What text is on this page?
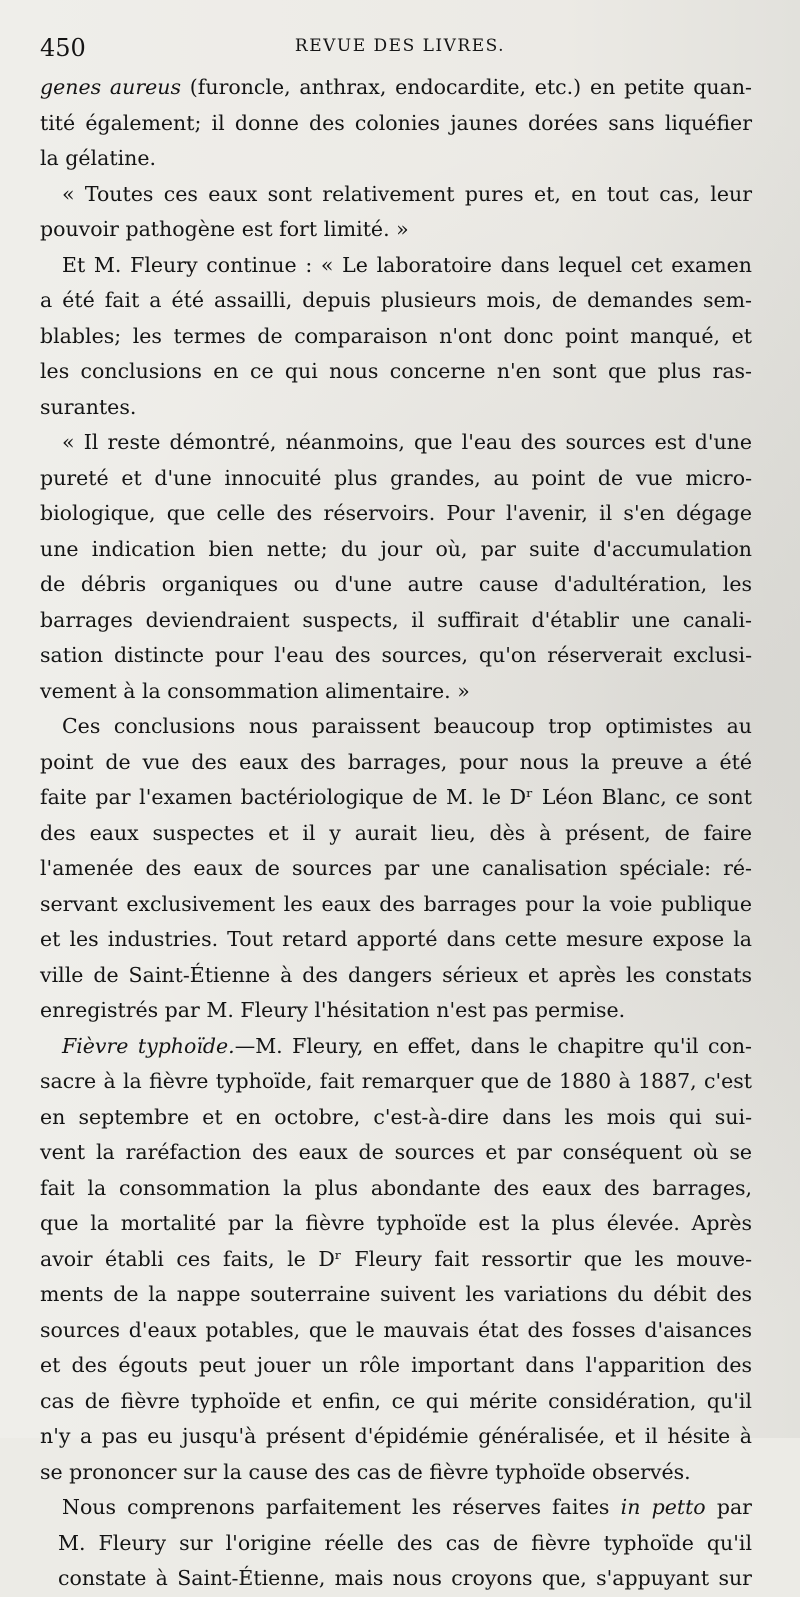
450	REVUE DES LIVRES.
genes aureus (furoncle, anthrax, endocardite, etc.) en petite quan-
tité également; il donne des colonies jaunes dorées sans liquéfier
la gélatine.
« Toutes ces eaux sont relativement pures et, en tout cas, leur
pouvoir pathogène est fort limité. »
Et M. Fleury continue : « Le laboratoire dans lequel cet examen
a été fait a été assailli, depuis plusieurs mois, de demandes sem-
blables; les termes de comparaison n'ont donc point manqué, et
les conclusions en ce qui nous concerne n'en sont que plus ras-
surantes.
« Il reste démontré, néanmoins, que l'eau des sources est d'une
pureté et d'une innocuité plus grandes, au point de vue micro-
biologique, que celle des réservoirs. Pour l'avenir, il s'en dégage
une indication bien nette; du jour où, par suite d'accumulation
de débris organiques ou d'une autre cause d'adultération, les
barrages deviendraient suspects, il suffirait d'établir une canali-
sation distincte pour l'eau des sources, qu'on réserverait exclusi-
vement à la consommation alimentaire. »
Ces conclusions nous paraissent beaucoup trop optimistes au
point de vue des eaux des barrages, pour nous la preuve a été
faite par l'examen bactériologique de M. le Dʳ Léon Blanc, ce sont
des eaux suspectes et il y aurait lieu, dès à présent, de faire
l'amenée des eaux de sources par une canalisation spéciale: ré-
servant exclusivement les eaux des barrages pour la voie publique
et les industries. Tout retard apporté dans cette mesure expose la
ville de Saint-Étienne à des dangers sérieux et après les constats
enregistrés par M. Fleury l'hésitation n'est pas permise.
Fièvre typhoïde.—M. Fleury, en effet, dans le chapitre qu'il con-
sacre à la fièvre typhoïde, fait remarquer que de 1880 à 1887, c'est
en septembre et en octobre, c'est-à-dire dans les mois qui sui-
vent la raréfaction des eaux de sources et par conséquent où se
fait la consommation la plus abondante des eaux des barrages,
que la mortalité par la fièvre typhoïde est la plus élevée. Après
avoir établi ces faits, le Dʳ Fleury fait ressortir que les mouve-
ments de la nappe souterraine suivent les variations du débit des
sources d'eaux potables, que le mauvais état des fosses d'aisances
et des égouts peut jouer un rôle important dans l'apparition des
cas de fièvre typhoïde et enfin, ce qui mérite considération, qu'il
n'y a pas eu jusqu'à présent d'épidémie généralisée, et il hésite à
se prononcer sur la cause des cas de fièvre typhoïde observés.
Nous comprenons parfaitement les réserves faites in petto par
M. Fleury sur l'origine réelle des cas de fièvre typhoïde qu'il
constate à Saint-Étienne, mais nous croyons que, s'appuyant sur
